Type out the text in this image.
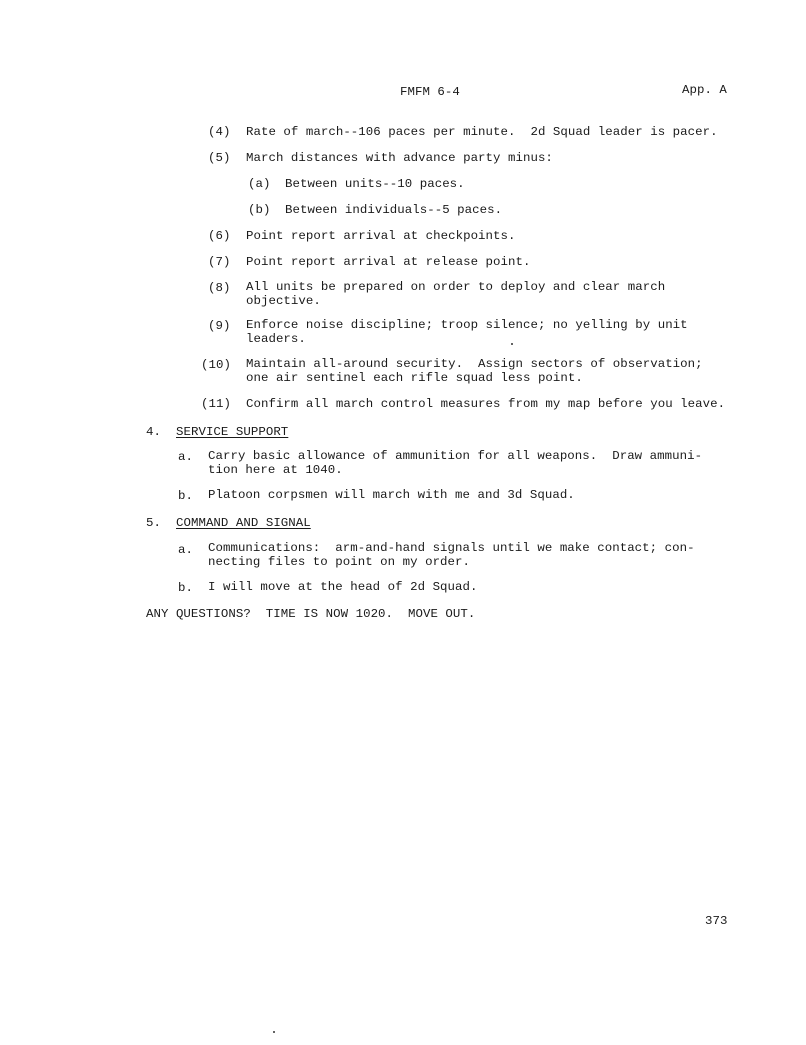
FMFM 6-4	App. A
(4) Rate of march--106 paces per minute.  2d Squad leader is pacer.
(5) March distances with advance party minus:
(a) Between units--10 paces.
(b) Between individuals--5 paces.
(6) Point report arrival at checkpoints.
(7) Point report arrival at release point.
(8) All units be prepared on order to deploy and clear march
objective.
(9) Enforce noise discipline; troop silence; no yelling by unit
leaders.
(10) Maintain all-around security.  Assign sectors of observation;
one air sentinel each rifle squad less point.
(11) Confirm all march control measures from my map before you leave.
4. SERVICE SUPPORT
a. Carry basic allowance of ammunition for all weapons.  Draw ammuni-
tion here at 1040.
b. Platoon corpsmen will march with me and 3d Squad.
5. COMMAND AND SIGNAL
a. Communications:  arm-and-hand signals until we make contact; con-
necting files to point on my order.
b. I will move at the head of 2d Squad.
ANY QUESTIONS?  TIME IS NOW 1020.  MOVE OUT.
373
